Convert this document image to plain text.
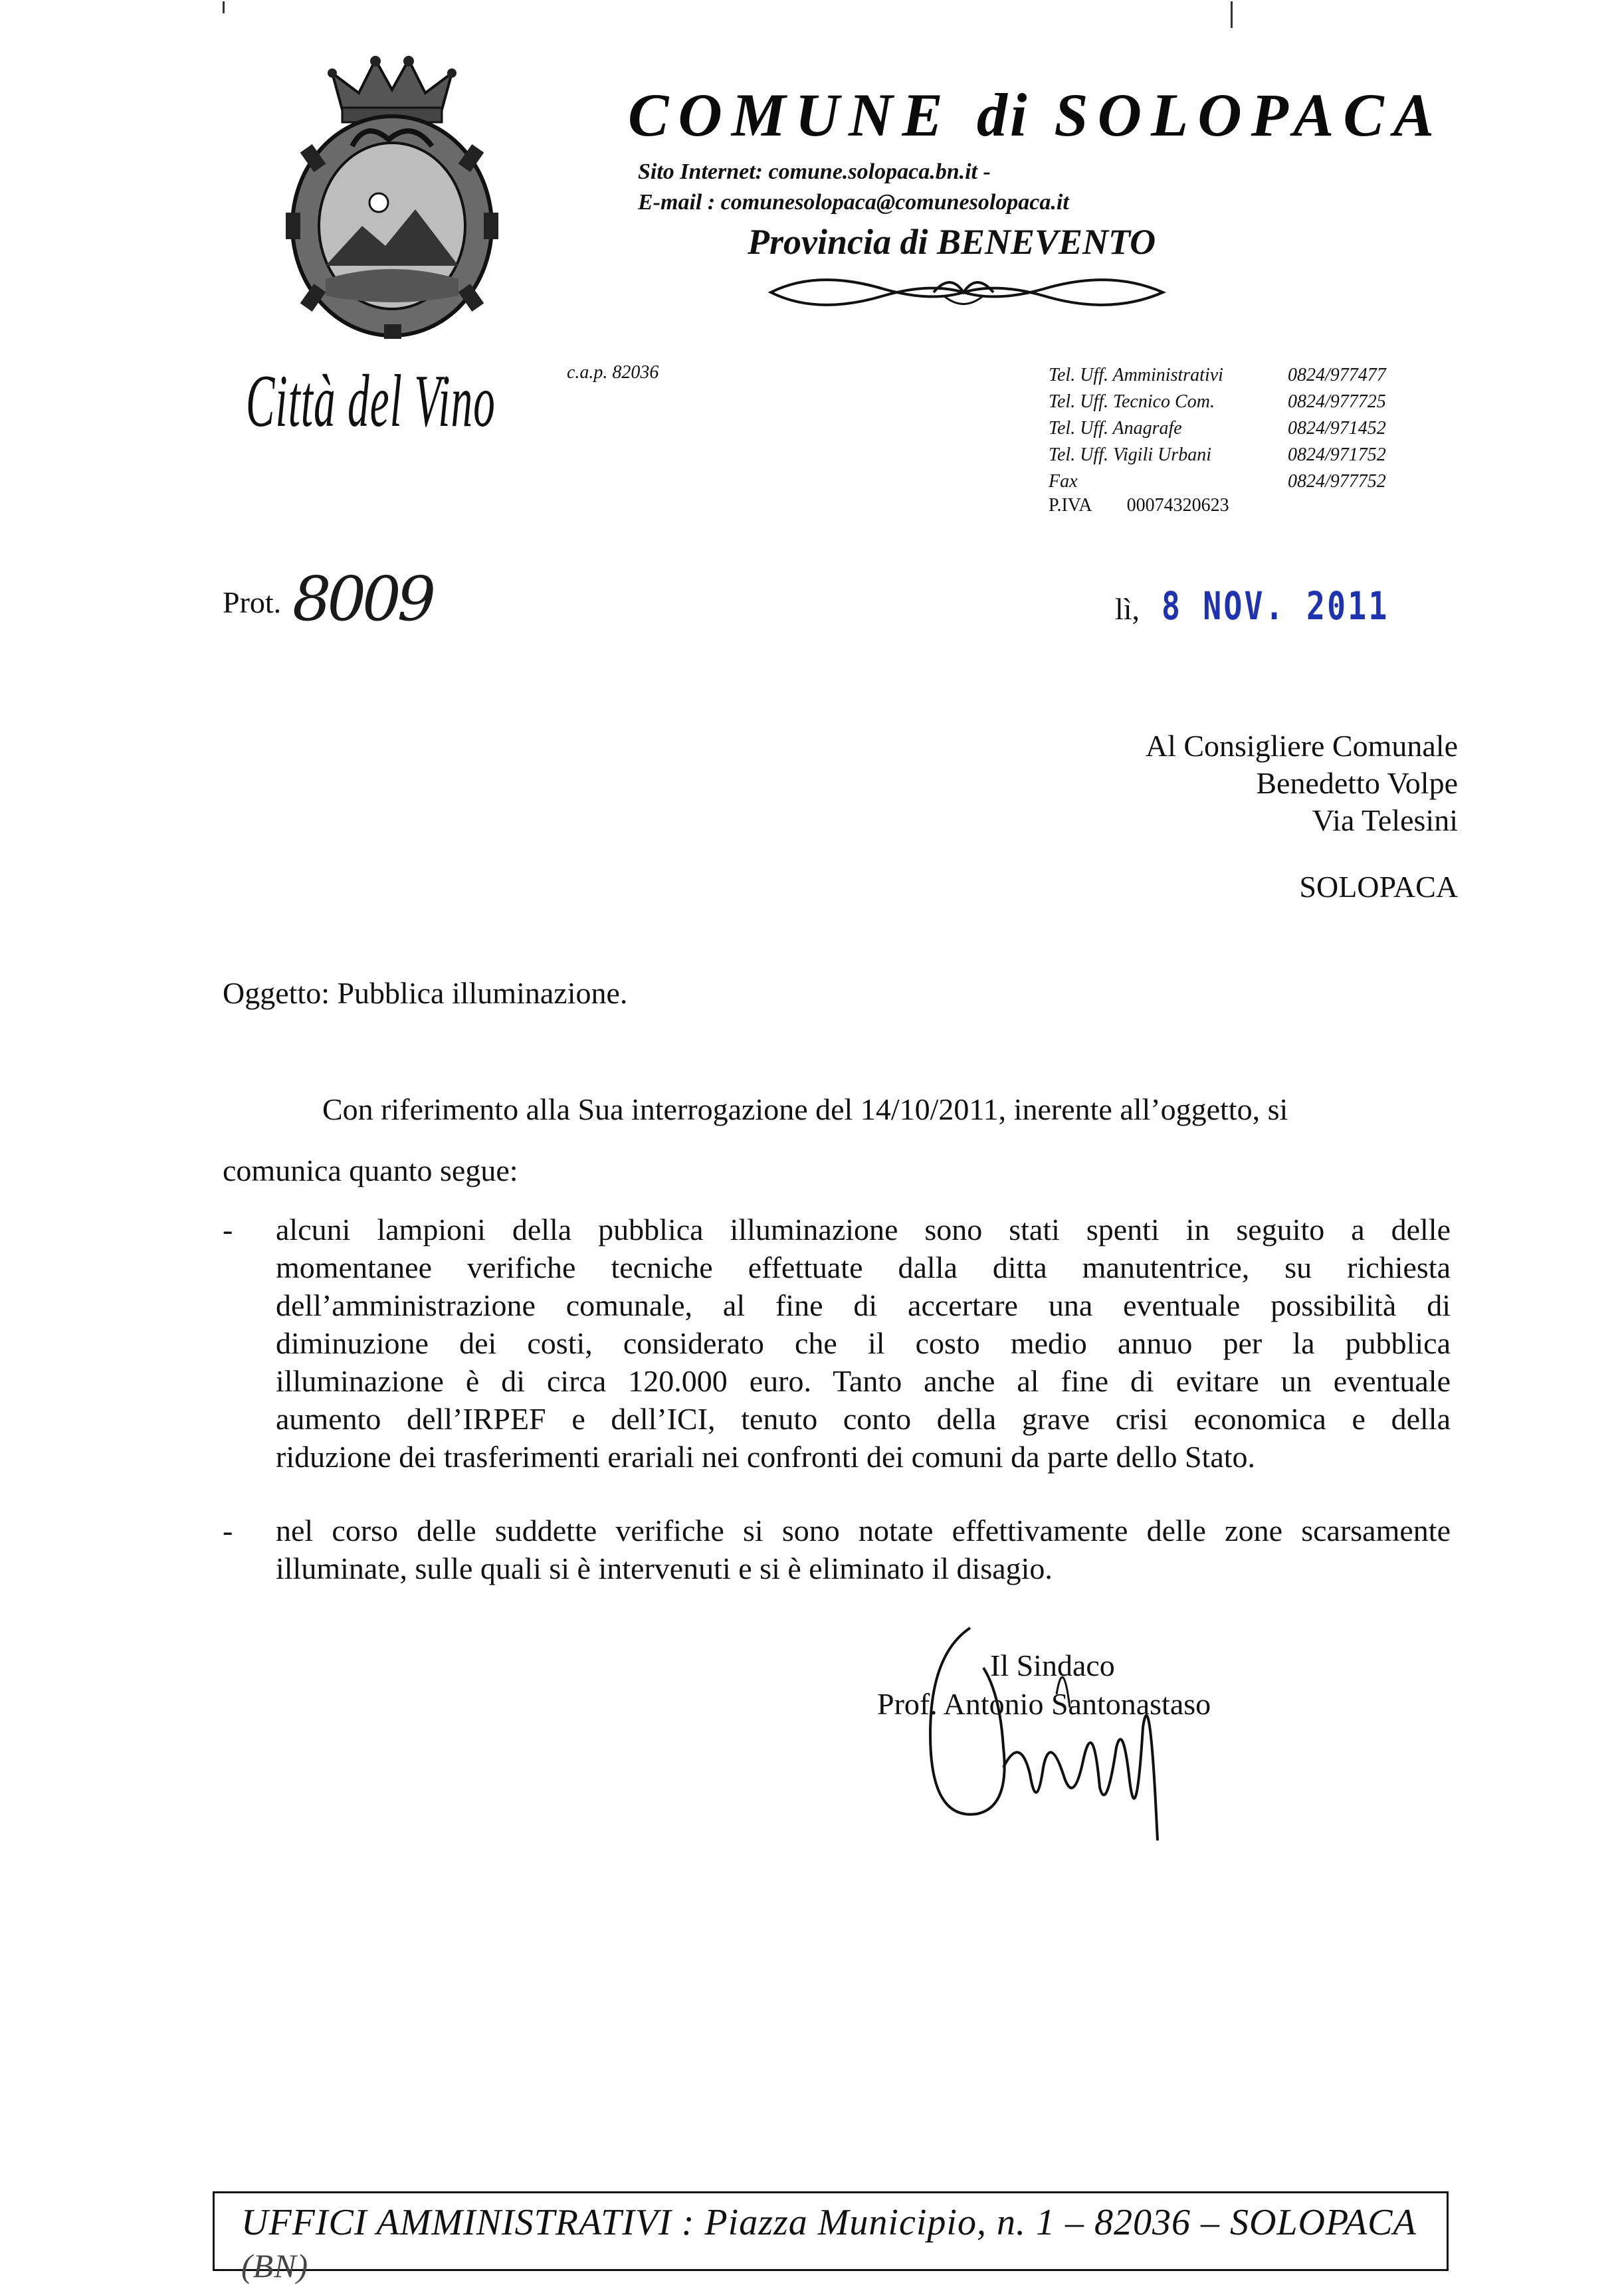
COMUNE di SOLOPACA
Sito Internet: comune.solopaca.bn.it -
E-mail : comunesolopaca@comunesolopaca.it
Provincia di BENEVENTO
Città del Vino	c.a.p. 82036	Tel. Uff. Amministrativi	0824/977477
Tel. Uff. Tecnico Com.	0824/977725
Tel. Uff. Anagrafe	0824/971452
Tel. Uff. Vigili Urbani	0824/971752
Fax	0824/977752
P.IVA 00074320623
Prot. 8009	lì, 8 NOV. 2011
Al Consigliere Comunale
Benedetto Volpe
Via Telesini
SOLOPACA
Oggetto: Pubblica illuminazione.
Con riferimento alla Sua interrogazione del 14/10/2011, inerente all’oggetto, si
comunica quanto segue:
- alcuni lampioni della pubblica illuminazione sono stati spenti in seguito a delle
momentanee verifiche tecniche effettuate dalla ditta manutentrice, su richiesta
dell’amministrazione comunale, al fine di accertare una eventuale possibilità di
diminuzione dei costi, considerato che il costo medio annuo per la pubblica
illuminazione è di circa 120.000 euro. Tanto anche al fine di evitare un eventuale
aumento dell’IRPEF e dell’ICI, tenuto conto della grave crisi economica e della
riduzione dei trasferimenti erariali nei confronti dei comuni da parte dello Stato.
- nel corso delle suddette verifiche si sono notate effettivamente delle zone scarsamente
illuminate, sulle quali si è intervenuti e si è eliminato il disagio.
Il Sindaco
Prof. Antonio Santonastaso
UFFICI AMMINISTRATIVI : Piazza Municipio, n. 1 – 82036 – SOLOPACA
(BN)
